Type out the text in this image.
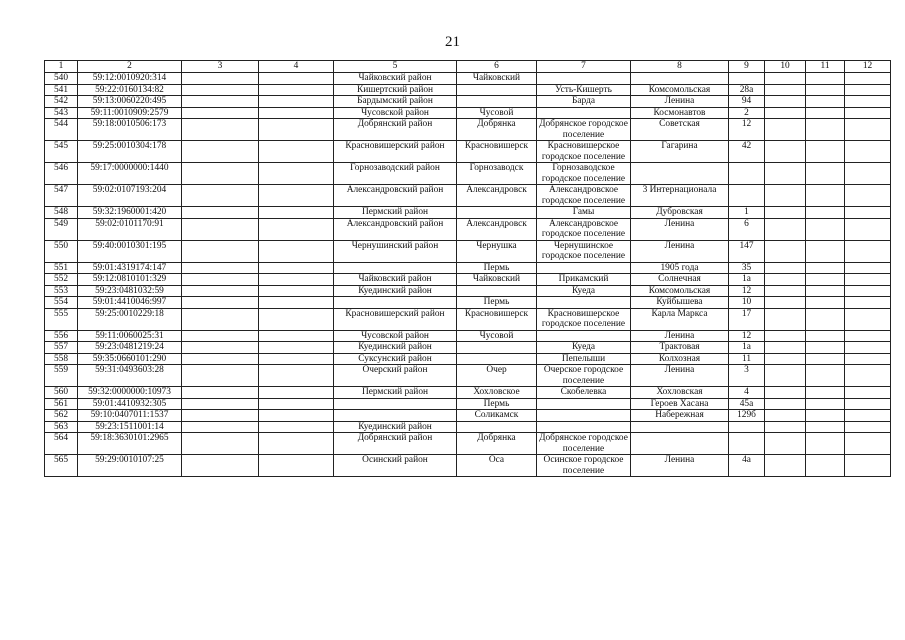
21
1	2	3	4	5	6	7	8	9	10	11	12
540	59:12:0010920:314			Чайковский район	Чайковский						
541	59:22:0160134:82			Кишертский район		Усть-Кишерть	Комсомольская	28а			
542	59:13:0060220:495			Бардымский район		Барда	Ленина	94			
543	59:11:0010909:2579			Чусовской район	Чусовой		Космонавтов	2			
544	59:18:0010506:173			Добрянский район	Добрянка	Добрянское городское поселение	Советская	12			
545	59:25:0010304:178			Красновишерский район	Красновишерск	Красновишерское городское поселение	Гагарина	42			
546	59:17:0000000:1440			Горнозаводский район	Горнозаводск	Горнозаводское городское поселение					
547	59:02:0107193:204			Александровский район	Александровск	Александровское городское поселение	3 Интернационала				
548	59:32:1960001:420			Пермский район		Гамы	Дубровская	1			
549	59:02:0101170:91			Александровский район	Александровск	Александровское городское поселение	Ленина	6			
550	59:40:0010301:195			Чернушинский район	Чернушка	Чернушинское городское поселение	Ленина	147			
551	59:01:4319174:147				Пермь		1905 года	35			
552	59:12:0810101:329			Чайковский район	Чайковский	Прикамский	Солнечная	1а			
553	59:23:0481032:59			Куединский район		Куеда	Комсомольская	12			
554	59:01:4410046:997				Пермь		Куйбышева	10			
555	59:25:0010229:18			Красновишерский район	Красновишерск	Красновишерское городское поселение	Карла Маркса	17			
556	59:11:0060025:31			Чусовской район	Чусовой		Ленина	12			
557	59:23:0481219:24			Куединский район		Куеда	Трактовая	1а			
558	59:35:0660101:290			Суксунский район		Пепелыши	Колхозная	11			
559	59:31:0493603:28			Очерский район	Очер	Очерское городское поселение	Ленина	3			
560	59:32:0000000:10973			Пермский район	Хохловское	Скобелевка	Хохловская	4			
561	59:01:4410932:305				Пермь		Героев Хасана	45а			
562	59:10:0407011:1537				Соликамск		Набережная	129б			
563	59:23:1511001:14			Куединский район							
564	59:18:3630101:2965			Добрянский район	Добрянка	Добрянское городское поселение					
565	59:29:0010107:25			Осинский район	Оса	Осинское городское поселение	Ленина	4а			
